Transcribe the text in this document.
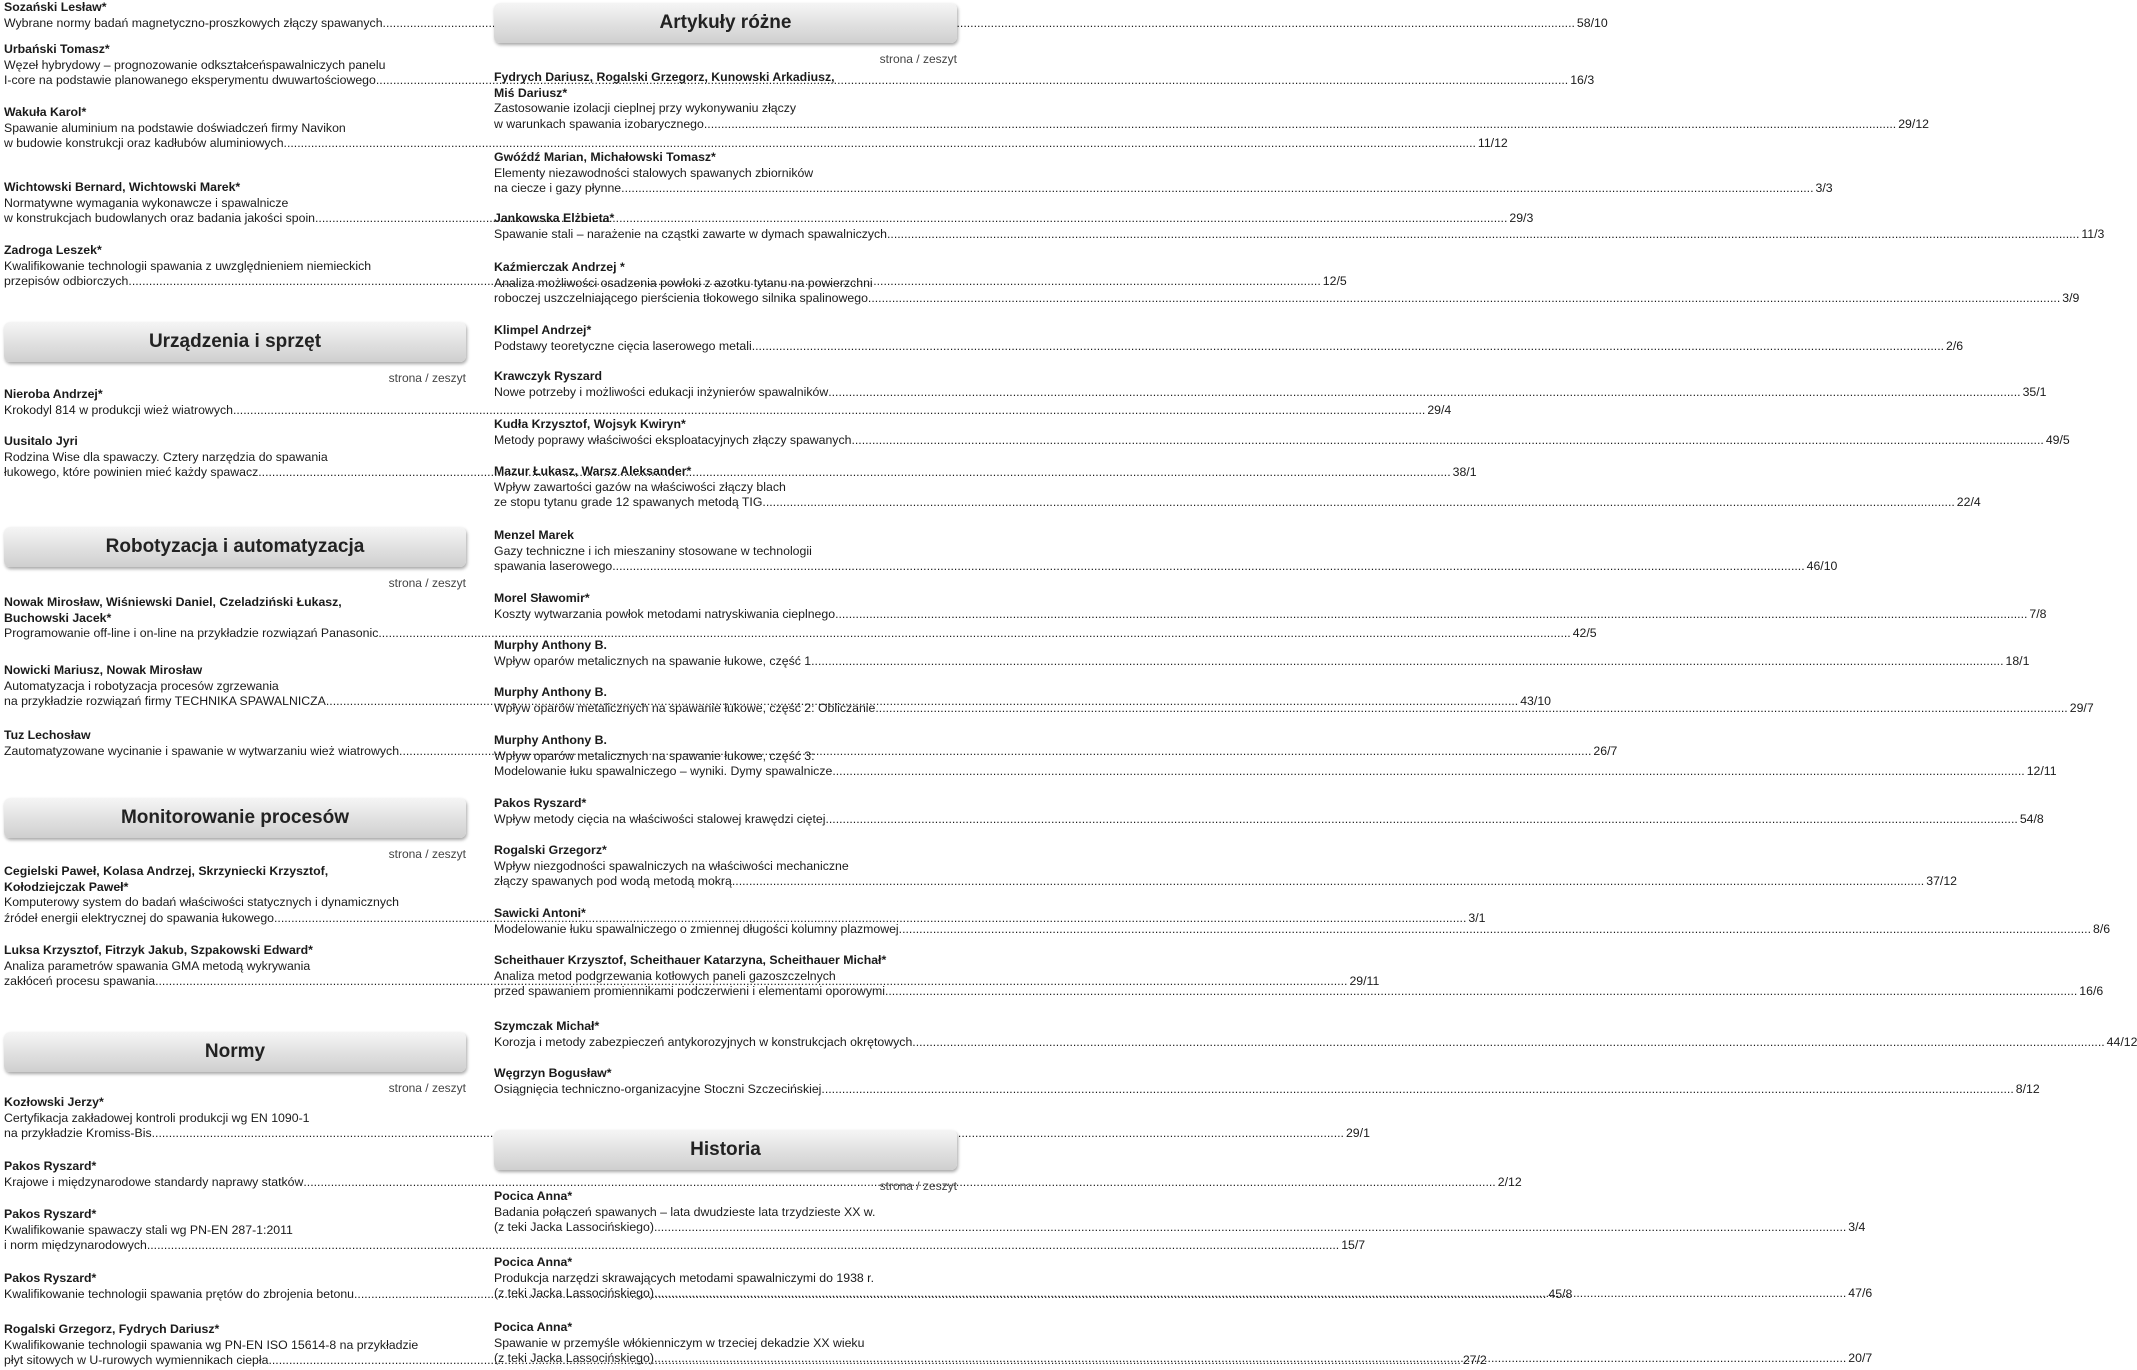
Sozański Lesław*
Wybrane normy badań magnetyczno-proszkowych złączy spawanych .....	58/10
Urbański Tomasz*
Węzeł hybrydowy – prognozowanie odkształceńspawalniczych panelu
I-core na podstawie planowanego eksperymentu dwuwartościowego .....	16/3
Wakuła Karol*
Spawanie aluminium na podstawie doświadczeń firmy Navikon
w budowie konstrukcji oraz kadłubów aluminiowych .....	11/12
Wichtowski Bernard, Wichtowski Marek*
Normatywne wymagania wykonawcze i spawalnicze
w konstrukcjach budowlanych oraz badania jakości spoin .....	29/3
Zadroga Leszek*
Kwalifikowanie technologii spawania z uwzględnieniem niemieckich
przepisów odbiorczych .....	12/5
Urządzenia i sprzęt
strona / zeszyt
Nieroba Andrzej*
Krokodyl 814 w produkcji wież wiatrowych .....	29/4
Uusitalo Jyri
Rodzina Wise dla spawaczy. Cztery narzędzia do spawania
łukowego, które powinien mieć każdy spawacz .....	38/1
Robotyzacja i automatyzacja
strona / zeszyt
Nowak Mirosław, Wiśniewski Daniel, Czeladziński Łukasz,
Buchowski Jacek*
Programowanie off-line i on-line na przykładzie rozwiązań Panasonic .....	42/5
Nowicki Mariusz, Nowak Mirosław
Automatyzacja i robotyzacja procesów zgrzewania
na przykładzie rozwiązań firmy TECHNIKA SPAWALNICZA .....	43/10
Tuz Lechosław
Zautomatyzowane wycinanie i spawanie w wytwarzaniu wież wiatrowych .....	26/7
Monitorowanie procesów
strona / zeszyt
Cegielski Paweł, Kolasa Andrzej, Skrzyniecki Krzysztof,
Kołodziejczak Paweł*
Komputerowy system do badań właściwości statycznych i dynamicznych
źródeł energii elektrycznej do spawania łukowego .....	3/1
Luksa Krzysztof, Fitrzyk Jakub, Szpakowski Edward*
Analiza parametrów spawania GMA metodą wykrywania
zakłóceń procesu spawania .....	29/11
Normy
strona / zeszyt
Kozłowski Jerzy*
Certyfikacja zakładowej kontroli produkcji wg EN 1090-1
na przykładzie Kromiss-Bis .....	29/1
Pakos Ryszard*
Krajowe i międzynarodowe standardy naprawy statków .....	2/12
Pakos Ryszard*
Kwalifikowanie spawaczy stali wg PN-EN 287-1:2011
i norm międzynarodowych .....	15/7
Pakos Ryszard*
Kwalifikowanie technologii spawania prętów do zbrojenia betonu .....	45/8
Rogalski Grzegorz, Fydrych Dariusz*
Kwalifikowanie technologii spawania wg PN-EN ISO 15614-8 na przykładzie
płyt sitowych w U-rurowych wymiennikach ciepła .....	27/2
Artykuły różne
strona / zeszyt
Fydrych Dariusz, Rogalski Grzegorz, Kunowski Arkadiusz,
Miś Dariusz*
Zastosowanie izolacji cieplnej przy wykonywaniu złączy
w warunkach spawania izobarycznego .....	29/12
Gwóźdź Marian, Michałowski Tomasz*
Elementy niezawodności stalowych spawanych zbiorników
na ciecze i gazy płynne .....	3/3
Jankowska Elżbieta*
Spawanie stali – narażenie na cząstki zawarte w dymach spawalniczych .....	11/3
Kaźmierczak Andrzej *
Analiza możliwości osadzenia powłoki z azotku tytanu na powierzchni
roboczej uszczelniającego pierścienia tłokowego silnika spalinowego .....	3/9
Klimpel Andrzej*
Podstawy teoretyczne cięcia laserowego metali .....	2/6
Krawczyk Ryszard
Nowe potrzeby i możliwości edukacji inżynierów spawalników .....	35/1
Kudła Krzysztof, Wojsyk Kwiryn*
Metody poprawy właściwości eksploatacyjnych złączy spawanych .....	49/5
Mazur Łukasz, Warsz Aleksander*
Wpływ zawartości gazów na właściwości złączy blach
ze stopu tytanu grade 12 spawanych metodą TIG .....	22/4
Menzel Marek
Gazy techniczne i ich mieszaniny stosowane w technologii
spawania laserowego .....	46/10
Morel Sławomir*
Koszty wytwarzania powłok metodami natryskiwania cieplnego .....	7/8
Murphy Anthony B.
Wpływ oparów metalicznych na spawanie łukowe, część 1 .....	18/1
Murphy Anthony B.
Wpływ oparów metalicznych na spawanie łukowe, część 2: Obliczanie .....	29/7
Murphy Anthony B.
Wpływ oparów metalicznych na spawanie łukowe, część 3:
Modelowanie łuku spawalniczego – wyniki. Dymy spawalnicze .....	12/11
Pakos Ryszard*
Wpływ metody cięcia na właściwości stalowej krawędzi ciętej .....	54/8
Rogalski Grzegorz*
Wpływ niezgodności spawalniczych na właściwości mechaniczne
złączy spawanych pod wodą metodą mokrą .....	37/12
Sawicki Antoni*
Modelowanie łuku spawalniczego o zmiennej długości kolumny plazmowej .....	8/6
Scheithauer Krzysztof, Scheithauer Katarzyna, Scheithauer Michał*
Analiza metod podgrzewania kotłowych paneli gazoszczelnych
przed spawaniem promiennikami podczerwieni i elementami oporowymi .....	16/6
Szymczak Michał*
Korozja i metody zabezpieczeń antykorozyjnych w konstrukcjach okrętowych .....	44/12
Węgrzyn Bogusław*
Osiągnięcia techniczno-organizacyjne Stoczni Szczecińskiej .....	8/12
Historia
strona / zeszyt
Pocica Anna*
Badania połączeń spawanych – lata dwudzieste lata trzydzieste XX w.
(z teki Jacka Lassocińskiego) .....	3/4
Pocica Anna*
Produkcja narzędzi skrawających metodami spawalniczymi do 1938 r.
(z teki Jacka Lassocińskiego) .....	47/6
Pocica Anna*
Spawanie w przemyśle włókienniczym w trzeciej dekadzie XX wieku
(z teki Jacka Lassocińskiego) .....	20/7
